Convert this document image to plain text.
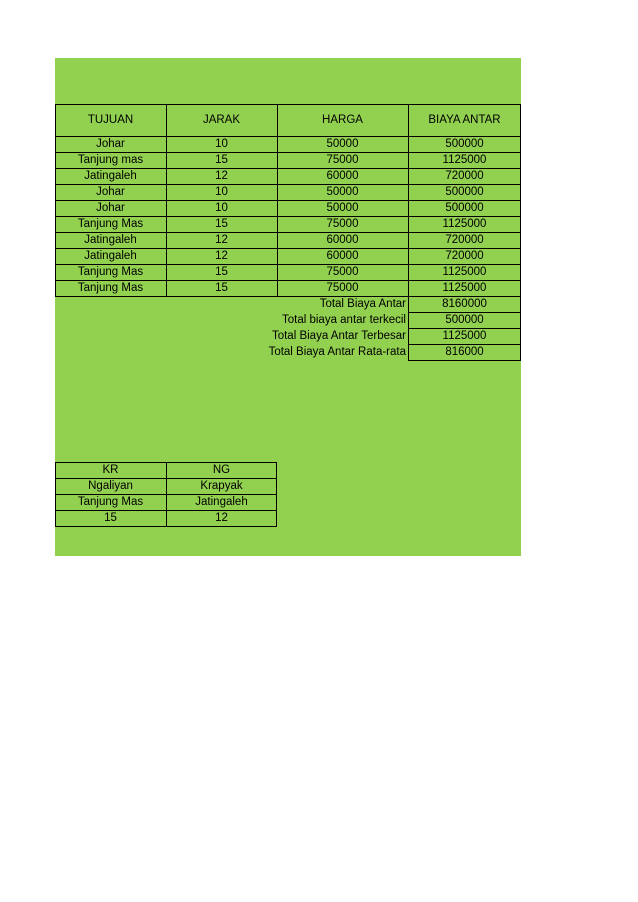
TUJUAN	JARAK	HARGA	BIAYA ANTAR
Johar	10	50000	500000
Tanjung mas	15	75000	1125000
Jatingaleh	12	60000	720000
Johar	10	50000	500000
Johar	10	50000	500000
Tanjung Mas	15	75000	1125000
Jatingaleh	12	60000	720000
Jatingaleh	12	60000	720000
Tanjung Mas	15	75000	1125000
Tanjung Mas	15	75000	1125000
Total Biaya Antar	8160000
Total biaya antar terkecil	500000
Total Biaya Antar Terbesar	1125000
Total Biaya Antar Rata-rata	816000
KR	NG
Ngaliyan	Krapyak
Tanjung Mas	Jatingaleh
15	12
